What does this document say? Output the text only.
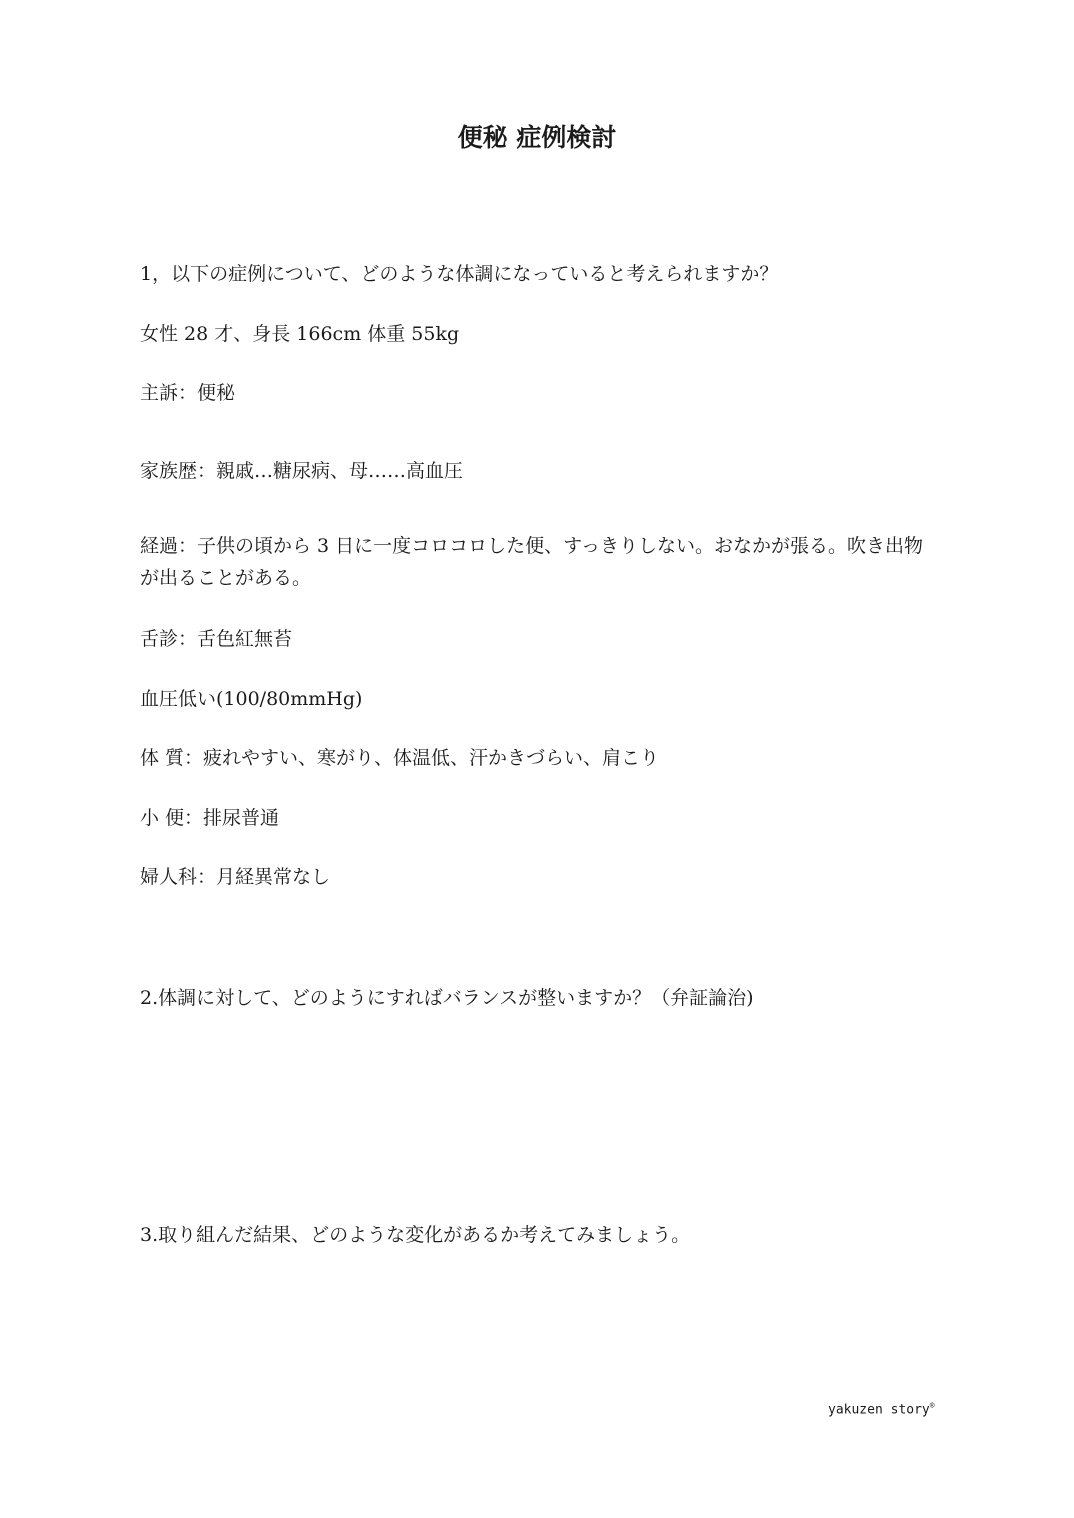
便秘 症例検討

1，以下の症例について、どのような体調になっていると考えられますか？

女性 28 才、身長 166cm 体重 55kg

主訴：便秘

家族歴：親戚…糖尿病、母……高血圧

経過：子供の頃から 3 日に一度コロコロした便、すっきりしない。おなかが張る。吹き出物が出ることがある。

舌診：舌色紅無苔

血圧低い(100/80mmHg)

体 質：疲れやすい、寒がり、体温低、汗かきづらい、肩こり

小 便：排尿普通

婦人科：月経異常なし

2.体調に対して、どのようにすればバランスが整いますか？（弁証論治)

3.取り組んだ結果、どのような変化があるか考えてみましょう。

yakuzen story®
